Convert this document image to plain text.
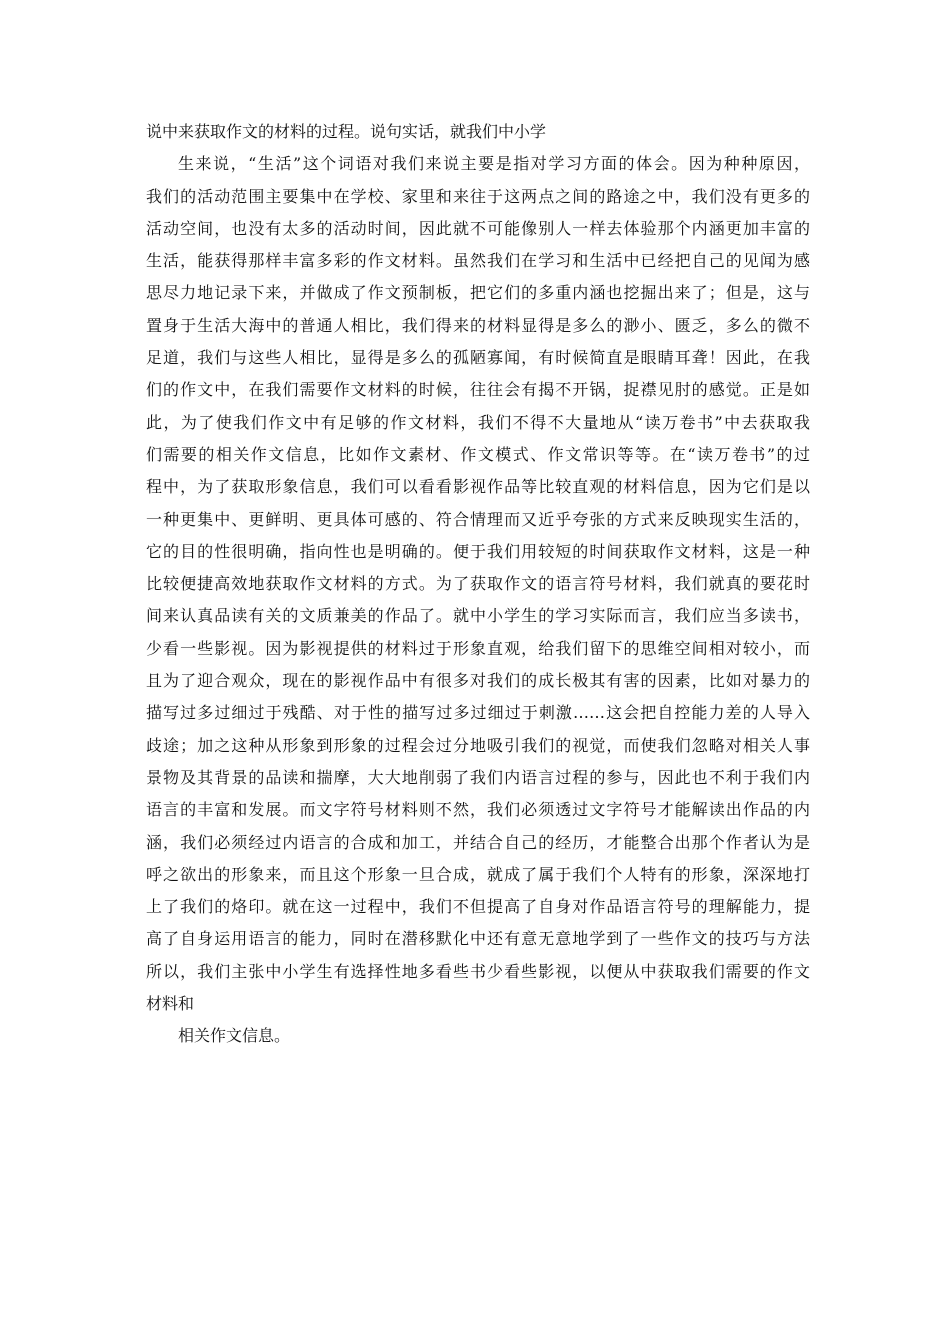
说中来获取作文的材料的过程。说句实话，就我们中小学
生来说，“生活”这个词语对我们来说主要是指对学习方面的体会。因为种种原因，
我们的活动范围主要集中在学校、家里和来往于这两点之间的路途之中，我们没有更多的
活动空间，也没有太多的活动时间，因此就不可能像别人一样去体验那个内涵更加丰富的
生活，能获得那样丰富多彩的作文材料。虽然我们在学习和生活中已经把自己的见闻为感
思尽力地记录下来，并做成了作文预制板，把它们的多重内涵也挖掘出来了；但是，这与
置身于生活大海中的普通人相比，我们得来的材料显得是多么的渺小、匮乏，多么的微不
足道，我们与这些人相比，显得是多么的孤陋寡闻，有时候简直是眼睛耳聋！因此，在我
们的作文中，在我们需要作文材料的时候，往往会有揭不开锅，捉襟见肘的感觉。正是如
此，为了使我们作文中有足够的作文材料，我们不得不大量地从“读万卷书”中去获取我
们需要的相关作文信息，比如作文素材、作文模式、作文常识等等。在“读万卷书”的过
程中，为了获取形象信息，我们可以看看影视作品等比较直观的材料信息，因为它们是以
一种更集中、更鲜明、更具体可感的、符合情理而又近乎夸张的方式来反映现实生活的，
它的目的性很明确，指向性也是明确的。便于我们用较短的时间获取作文材料，这是一种
比较便捷高效地获取作文材料的方式。为了获取作文的语言符号材料，我们就真的要花时
间来认真品读有关的文质兼美的作品了。就中小学生的学习实际而言，我们应当多读书，
少看一些影视。因为影视提供的材料过于形象直观，给我们留下的思维空间相对较小，而
且为了迎合观众，现在的影视作品中有很多对我们的成长极其有害的因素，比如对暴力的
描写过多过细过于残酷、对于性的描写过多过细过于刺激……这会把自控能力差的人导入
歧途；加之这种从形象到形象的过程会过分地吸引我们的视觉，而使我们忽略对相关人事
景物及其背景的品读和揣摩，大大地削弱了我们内语言过程的参与，因此也不利于我们内
语言的丰富和发展。而文字符号材料则不然，我们必须透过文字符号才能解读出作品的内
涵，我们必须经过内语言的合成和加工，并结合自己的经历，才能整合出那个作者认为是
呼之欲出的形象来，而且这个形象一旦合成，就成了属于我们个人特有的形象，深深地打
上了我们的烙印。就在这一过程中，我们不但提高了自身对作品语言符号的理解能力，提
高了自身运用语言的能力，同时在潜移默化中还有意无意地学到了一些作文的技巧与方法
所以，我们主张中小学生有选择性地多看些书少看些影视，以便从中获取我们需要的作文
材料和
相关作文信息。
